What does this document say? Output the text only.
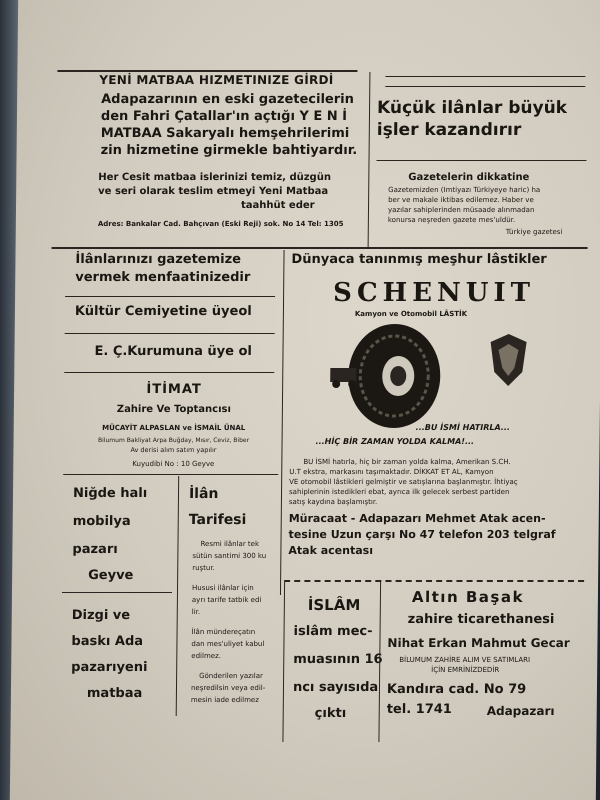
YENİ MATBAA HIZMETINIZE GİRDİ
Adapazarının en eski gazetecilerin
den Fahri Çatallar'ın açtığı Y E N İ
MATBAA Sakaryalı hemşehrilerimi
zin hizmetine girmekle bahtiyardır.
Her Cesit matbaa islerinizi temiz, düzgün
ve seri olarak teslim etmeyi Yeni Matbaa
taahhüt eder
Adres: Bankalar Cad. Bahçıvan (Eski Reji) sok. No 14 Tel: 1305
Küçük ilânlar büyük
işler kazandırır
Gazetelerin dikkatine
Gazetemizden (Imtiyazı Türkiyeye haric) ha
ber ve makale iktibas edilemez. Haber ve
yazılar sahiplerinden müsaade alınmadan
konursa neşreden gazete mes'uldür.
Türkiye gazetesi
İlânlarınızı gazetemize
vermek menfaatinizedir
Kültür Cemiyetine üyeol
E. Ç.Kurumuna üye ol
İTİMAT
Zahire Ve Toptancısı
MÜCAYİT ALPASLAN ve İSMAİL ÜNAL
Bilumum Bakliyat Arpa Buğday, Mısır, Ceviz, Biber
Av derisi alım satım yapılır
Kuyudibi No : 10 Geyve
Dünyaca tanınmış meşhur lâstikler
SCHENUIT
Kamyon ve Otomobil LÂSTİK
...BU İSMİ HATIRLA...
...HİÇ BİR ZAMAN YOLDA KALMA!...
BU İSMİ hatırla, hiç bir zaman yolda kalma, Amerikan S.CH.
U.T ekstra, markasını taşımaktadır. DİKKAT ET AL, Kamyon
VE otomobil lâstikleri gelmiştir ve satışlarına başlanmıştır. İhtiyaç
sahiplerinin istedikleri ebat, ayrıca ilk gelecek serbest partiden
satış kaydına başlamıştır.
Müracaat - Adapazarı Mehmet Atak acen-
tesine Uzun çarşı No 47 telefon 203 telgraf
Atak acentası
Niğde halı
mobilya
pazarı
Geyve
Dizgi ve
baskı Ada
pazarıyeni
matbaa
İlân
Tarifesi
Resmi ilânlar tek
sütün santimi 300 ku
ruştur.
Hususi ilânlar için
ayrı tarife tatbik edi
lir.
İlân mündereçatın
dan mes'uliyet kabul
edilmez.
Gönderilen yazılar
neşredilsin veya edil-
mesin iade edilmez
İSLÂM
islâm mec-
muasının 16
ncı sayısıda
çıktı
Altın Başak
zahire ticarethanesi
Nihat Erkan Mahmut Gecar
BİLUMUM ZAHİRE ALIM VE SATIMLARI
İÇİN EMRİNİZDEDİR
Kandıra cad. No 79
tel. 1741	Adapazarı
